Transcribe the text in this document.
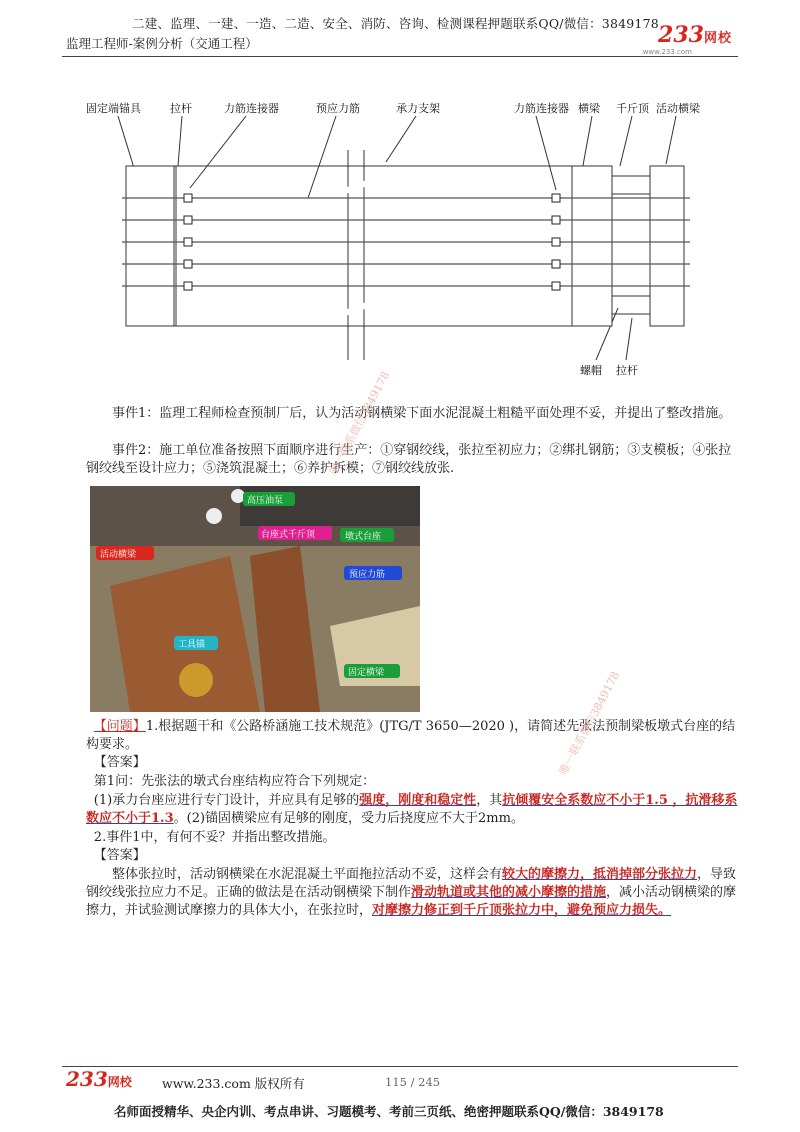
二建、监理、一建、一造、二造、安全、消防、咨询、检测课程押题联系QQ/微信：3849178
监理工程师-案例分析（交通工程）	233网校
www.233.com
固定端锚具	拉杆	力筋连接器	预应力筋	承力支架	力筋连接器 横梁 千斤顶 活动横梁
螺帽 拉杆
事件1：监理工程师检查预制厂后，认为活动钢横梁下面水泥混凝土粗糙平面处理不妥，并提出了整改措施。
事件2：施工单位准备按照下面顺序进行生产：①穿钢绞线，张拉至初应力；②绑扎钢筋；③支模板；④张拉钢绞线至设计应力；⑤浇筑混凝土；⑥养护拆模；⑦钢绞线放张.
高压油泵
台座式千斤顶	墩式台座
活动横梁
预应力筋
工具锚
固定横梁
【问题】1.根据题干和《公路桥涵施工技术规范》(JTG/T 3650—2020 )，请简述先张法预制梁板墩式台座的结构要求。
【答案】
第1问：先张法的墩式台座结构应符合下列规定：
(1)承力台座应进行专门设计，并应具有足够的强度，刚度和稳定性，其抗倾覆安全系数应不小于1.5 ，抗滑移系数应不小于1.3。(2)锚固横梁应有足够的刚度，受力后挠度应不大于2mm。
2.事件1中，有何不妥？并指出整改措施。
【答案】
整体张拉时，活动钢横梁在水泥混凝土平面拖拉活动不妥，这样会有较大的摩擦力，抵消掉部分张拉力，导致钢绞线张拉应力不足。正确的做法是在活动钢横梁下制作滑动轨道或其他的减小摩擦的措施，减小活动钢横梁的摩擦力，并试验测试摩擦力的具体大小，在张拉时，对摩擦力修正到千斤顶张拉力中，避免预应力损失。
唯一联系微信3849178
唯一联系微信3849178
233网校 www.233.com 版权所有	115 / 245
名师面授精华、央企内训、考点串讲、习题模考、考前三页纸、绝密押题联系QQ/微信：3849178
